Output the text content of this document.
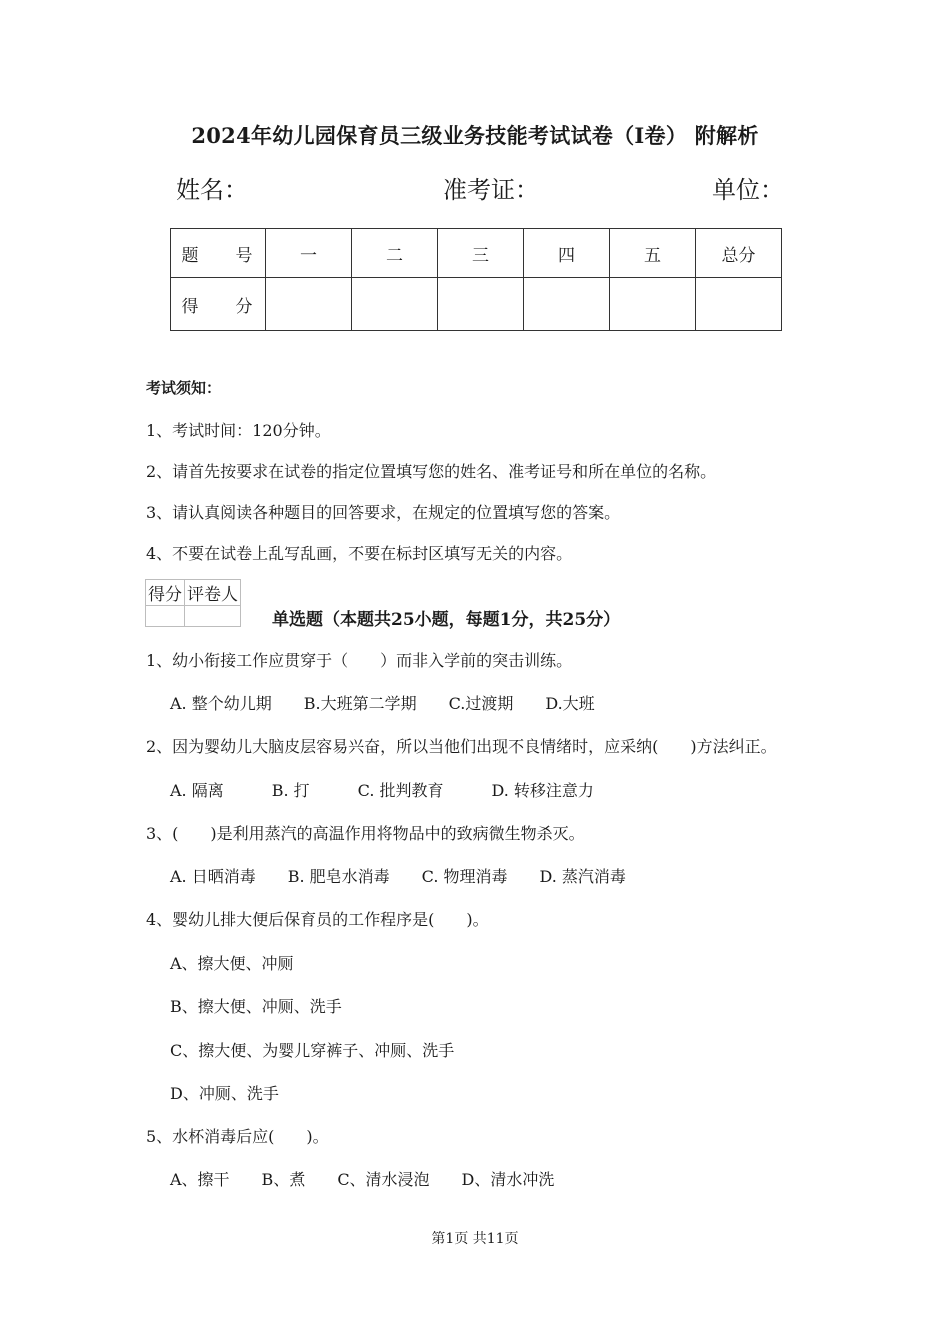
2024年幼儿园保育员三级业务技能考试试卷（I卷） 附解析
姓名：	准考证：	单位：
题　号	一	二	三	四	五	总分
得　分						
考试须知：
1、考试时间：120分钟。
2、请首先按要求在试卷的指定位置填写您的姓名、准考证号和所在单位的名称。
3、请认真阅读各种题目的回答要求，在规定的位置填写您的答案。
4、不要在试卷上乱写乱画，不要在标封区填写无关的内容。
得分	评卷人

单选题（本题共25小题，每题1分，共25分）
1、幼小衔接工作应贯穿于（　　）而非入学前的突击训练。
A. 整个幼儿期　　B.大班第二学期　　C.过渡期　　D.大班
2、因为婴幼儿大脑皮层容易兴奋，所以当他们出现不良情绪时，应采纳(　　)方法纠正。
A. 隔离　　　B. 打　　　C. 批判教育　　　D. 转移注意力
3、(　　)是利用蒸汽的高温作用将物品中的致病微生物杀灭。
A. 日晒消毒　　B. 肥皂水消毒　　C. 物理消毒　　D. 蒸汽消毒
4、婴幼儿排大便后保育员的工作程序是(　　)。
A、擦大便、冲厕
B、擦大便、冲厕、洗手
C、擦大便、为婴儿穿裤子、冲厕、洗手
D、冲厕、洗手
5、水杯消毒后应(　　)。
A、擦干　　B、煮　　C、清水浸泡　　D、清水冲洗
第1页 共11页
